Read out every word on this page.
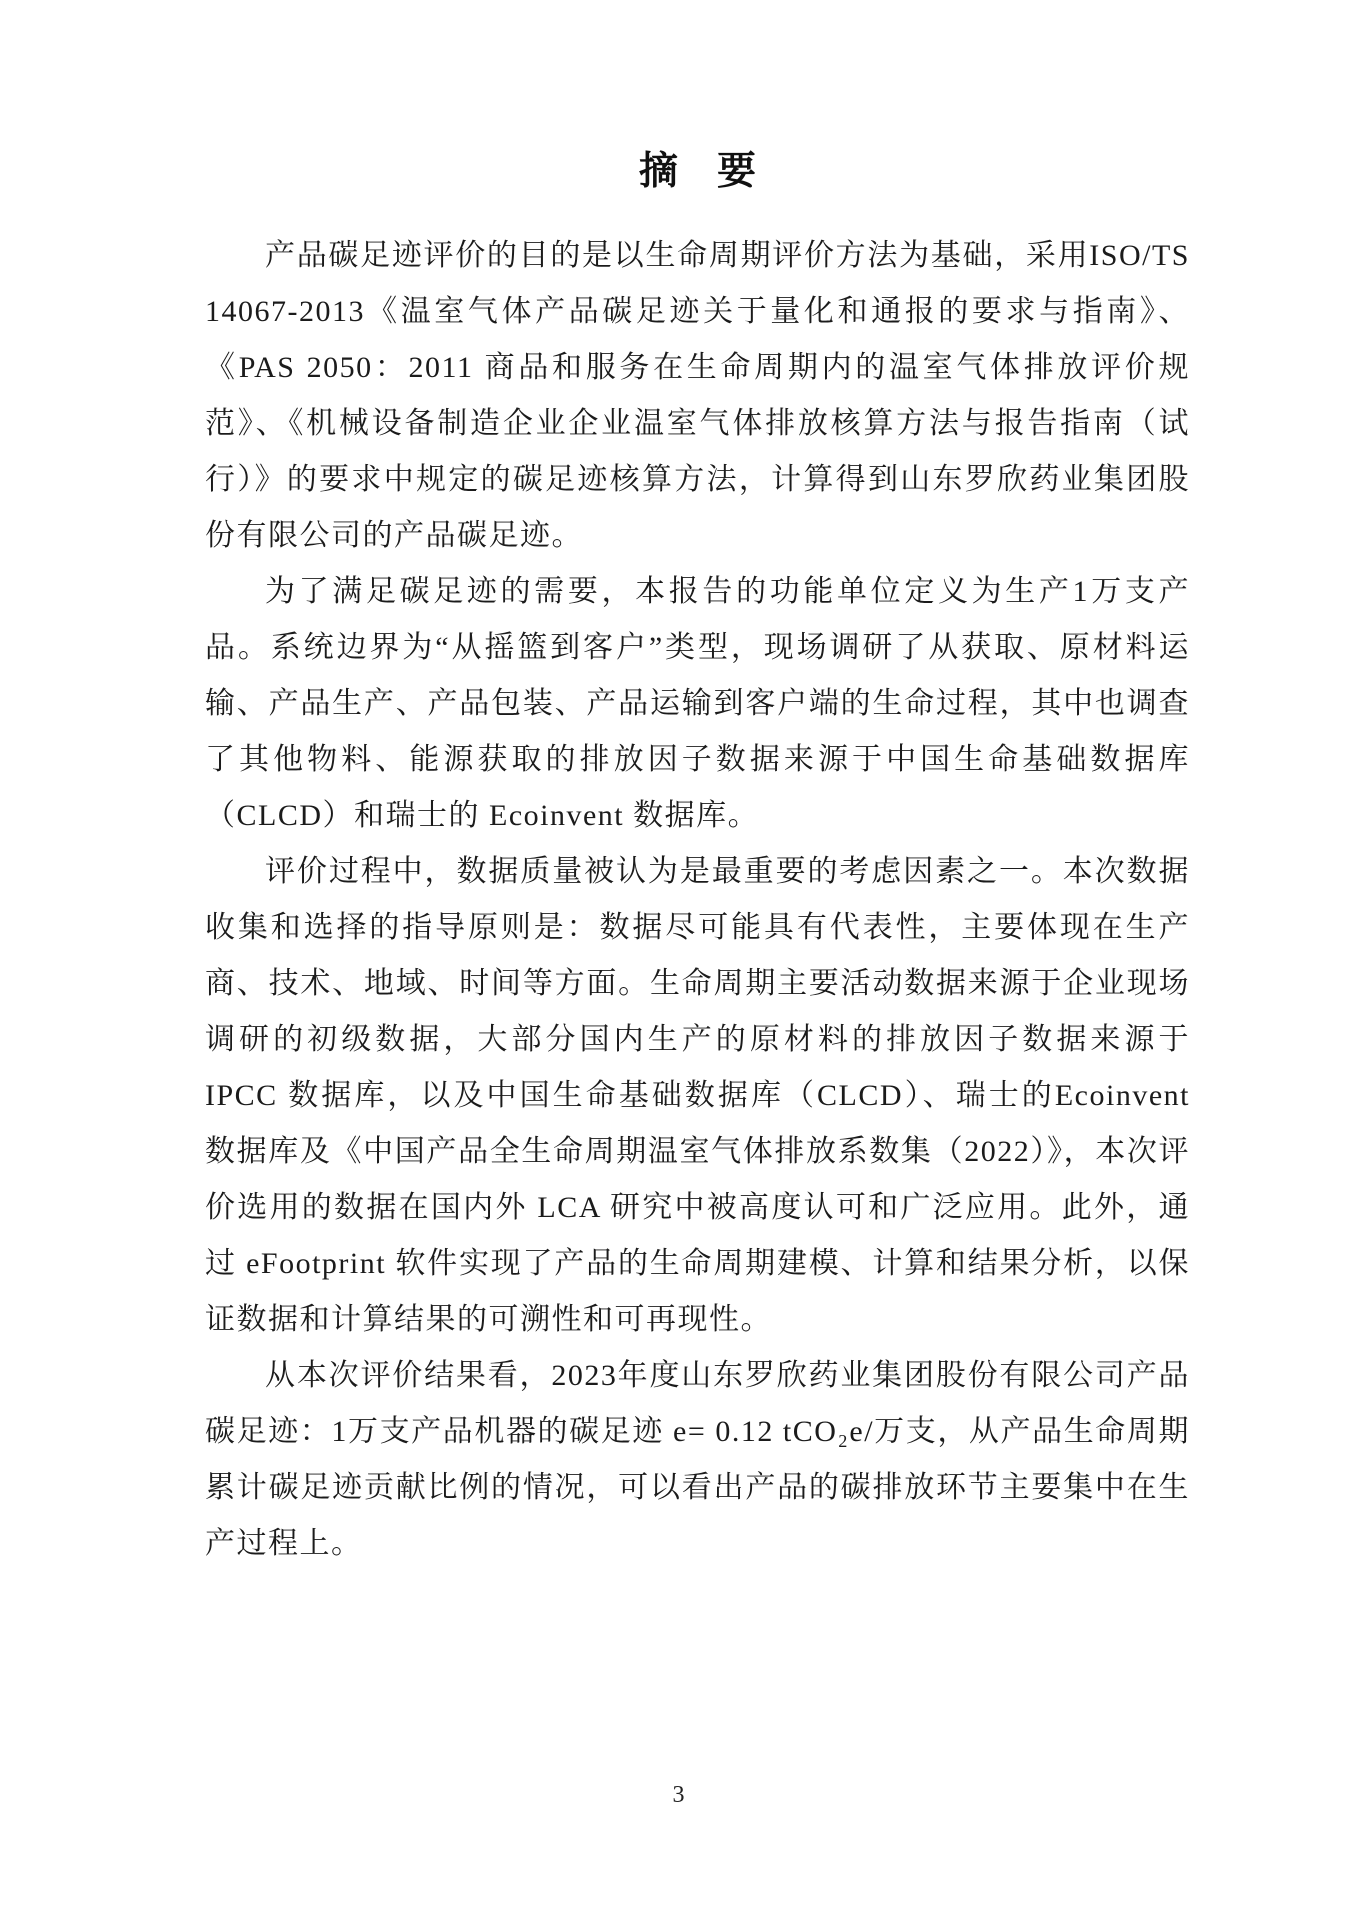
摘　要

产品碳足迹评价的目的是以生命周期评价方法为基础，采用ISO/TS 14067-2013《温室气体产品碳足迹关于量化和通报的要求与指南》、《PAS 2050：2011 商品和服务在生命周期内的温室气体排放评价规范》、《机械设备制造企业企业温室气体排放核算方法与报告指南（试行）》的要求中规定的碳足迹核算方法，计算得到山东罗欣药业集团股份有限公司的产品碳足迹。

为了满足碳足迹的需要，本报告的功能单位定义为生产1万支产品。系统边界为“从摇篮到客户”类型，现场调研了从获取、原材料运输、产品生产、产品包装、产品运输到客户端的生命过程，其中也调查了其他物料、能源获取的排放因子数据来源于中国生命基础数据库（CLCD）和瑞士的 Ecoinvent 数据库。

评价过程中，数据质量被认为是最重要的考虑因素之一。本次数据收集和选择的指导原则是：数据尽可能具有代表性，主要体现在生产商、技术、地域、时间等方面。生命周期主要活动数据来源于企业现场调研的初级数据，大部分国内生产的原材料的排放因子数据来源于 IPCC 数据库，以及中国生命基础数据库（CLCD）、瑞士的Ecoinvent 数据库及《中国产品全生命周期温室气体排放系数集（2022）》，本次评价选用的数据在国内外 LCA 研究中被高度认可和广泛应用。此外，通过 eFootprint 软件实现了产品的生命周期建模、计算和结果分析，以保证数据和计算结果的可溯性和可再现性。

从本次评价结果看，2023年度山东罗欣药业集团股份有限公司产品碳足迹：1万支产品机器的碳足迹 e= 0.12 tCO₂e/万支，从产品生命周期累计碳足迹贡献比例的情况，可以看出产品的碳排放环节主要集中在生产过程上。

3
